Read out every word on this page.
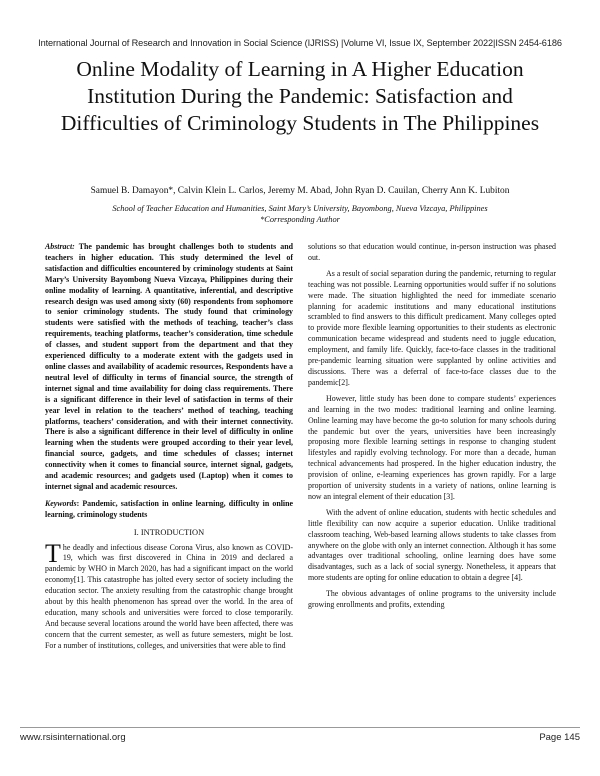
International Journal of Research and Innovation in Social Science (IJRISS) |Volume VI, Issue IX, September 2022|ISSN 2454-6186
Online Modality of Learning in A Higher Education Institution During the Pandemic: Satisfaction and Difficulties of Criminology Students in The Philippines
Samuel B. Damayon*, Calvin Klein L. Carlos, Jeremy M. Abad, John Ryan D. Cauilan, Cherry Ann K. Lubiton
School of Teacher Education and Humanities, Saint Mary’s University, Bayombong, Nueva Vizcaya, Philippines
*Corresponding Author

Abstract: The pandemic has brought challenges both to students and teachers in higher education. This study determined the level of satisfaction and difficulties encountered by criminology students at Saint Mary’s University Bayombong Nueva Vizcaya, Philippines during their online modality of learning. A quantitative, inferential, and descriptive research design was used among sixty (60) respondents from sophomore to senior criminology students. The study found that criminology students were satisfied with the methods of teaching, teacher’s class requirements, teaching platforms, teacher’s consideration, time schedule of classes, and student support from the department and that they experienced difficulty to a moderate extent with the gadgets used in online classes and availability of academic resources, Respondents have a neutral level of difficulty in terms of financial source, the strength of internet signal and time availability for doing class requirements. There is a significant difference in their level of satisfaction in terms of their year level in relation to the teachers’ method of teaching, teaching platforms, teachers’ consideration, and with their internet connectivity. There is also a significant difference in their level of difficulty in online learning when the students were grouped according to their year level, financial source, gadgets, and time schedules of classes; internet connectivity when it comes to financial source, internet signal, gadgets, and academic resources; and gadgets used (Laptop) when it comes to internet signal and academic resources.

Keywords: Pandemic, satisfaction in online learning, difficulty in online learning, criminology students

I. INTRODUCTION

The deadly and infectious disease Corona Virus, also known as COVID-19, which was first discovered in China in 2019 and declared a pandemic by WHO in March 2020, has had a significant impact on the world economy[1]. This catastrophe has jolted every sector of society including the education sector. The anxiety resulting from the catastrophic change brought about by this health phenomenon has spread over the world. In the area of education, many schools and universities were forced to close temporarily. And because several locations around the world have been affected, there was concern that the current semester, as well as future semesters, might be lost. For a number of institutions, colleges, and universities that were able to find

solutions so that education would continue, in-person instruction was phased out.

As a result of social separation during the pandemic, returning to regular teaching was not possible. Learning opportunities would suffer if no solutions were made. The situation highlighted the need for immediate scenario planning for academic institutions and many educational institutions scrambled to find answers to this difficult predicament. Many colleges opted to provide more flexible learning opportunities to their students as electronic communication became widespread and students need to juggle education, employment, and family life. Quickly, face-to-face classes in the traditional pre-pandemic learning situation were supplanted by online activities and discussions. There was a deferral of face-to-face classes due to the pandemic[2].

However, little study has been done to compare students’ experiences and learning in the two modes: traditional learning and online learning. Online learning may have become the go-to solution for many schools during the pandemic but over the years, universities have been increasingly proposing more flexible learning settings in response to changing student lifestyles and rapidly evolving technology. For more than a decade, human technical advancements had prospered. In the higher education industry, the provision of online, e-learning experiences has grown rapidly. For a large proportion of university students in a variety of nations, online learning is now an integral element of their education [3].

With the advent of online education, students with hectic schedules and little flexibility can now acquire a superior education. Unlike traditional classroom teaching, Web-based learning allows students to take classes from anywhere on the globe with only an internet connection. Although it has some advantages over traditional schooling, online learning does have some disadvantages, such as a lack of social synergy. Nonetheless, it appears that more students are opting for online education to obtain a degree [4].

The obvious advantages of online programs to the university include growing enrollments and profits, extending

www.rsisinternational.org	Page 145
